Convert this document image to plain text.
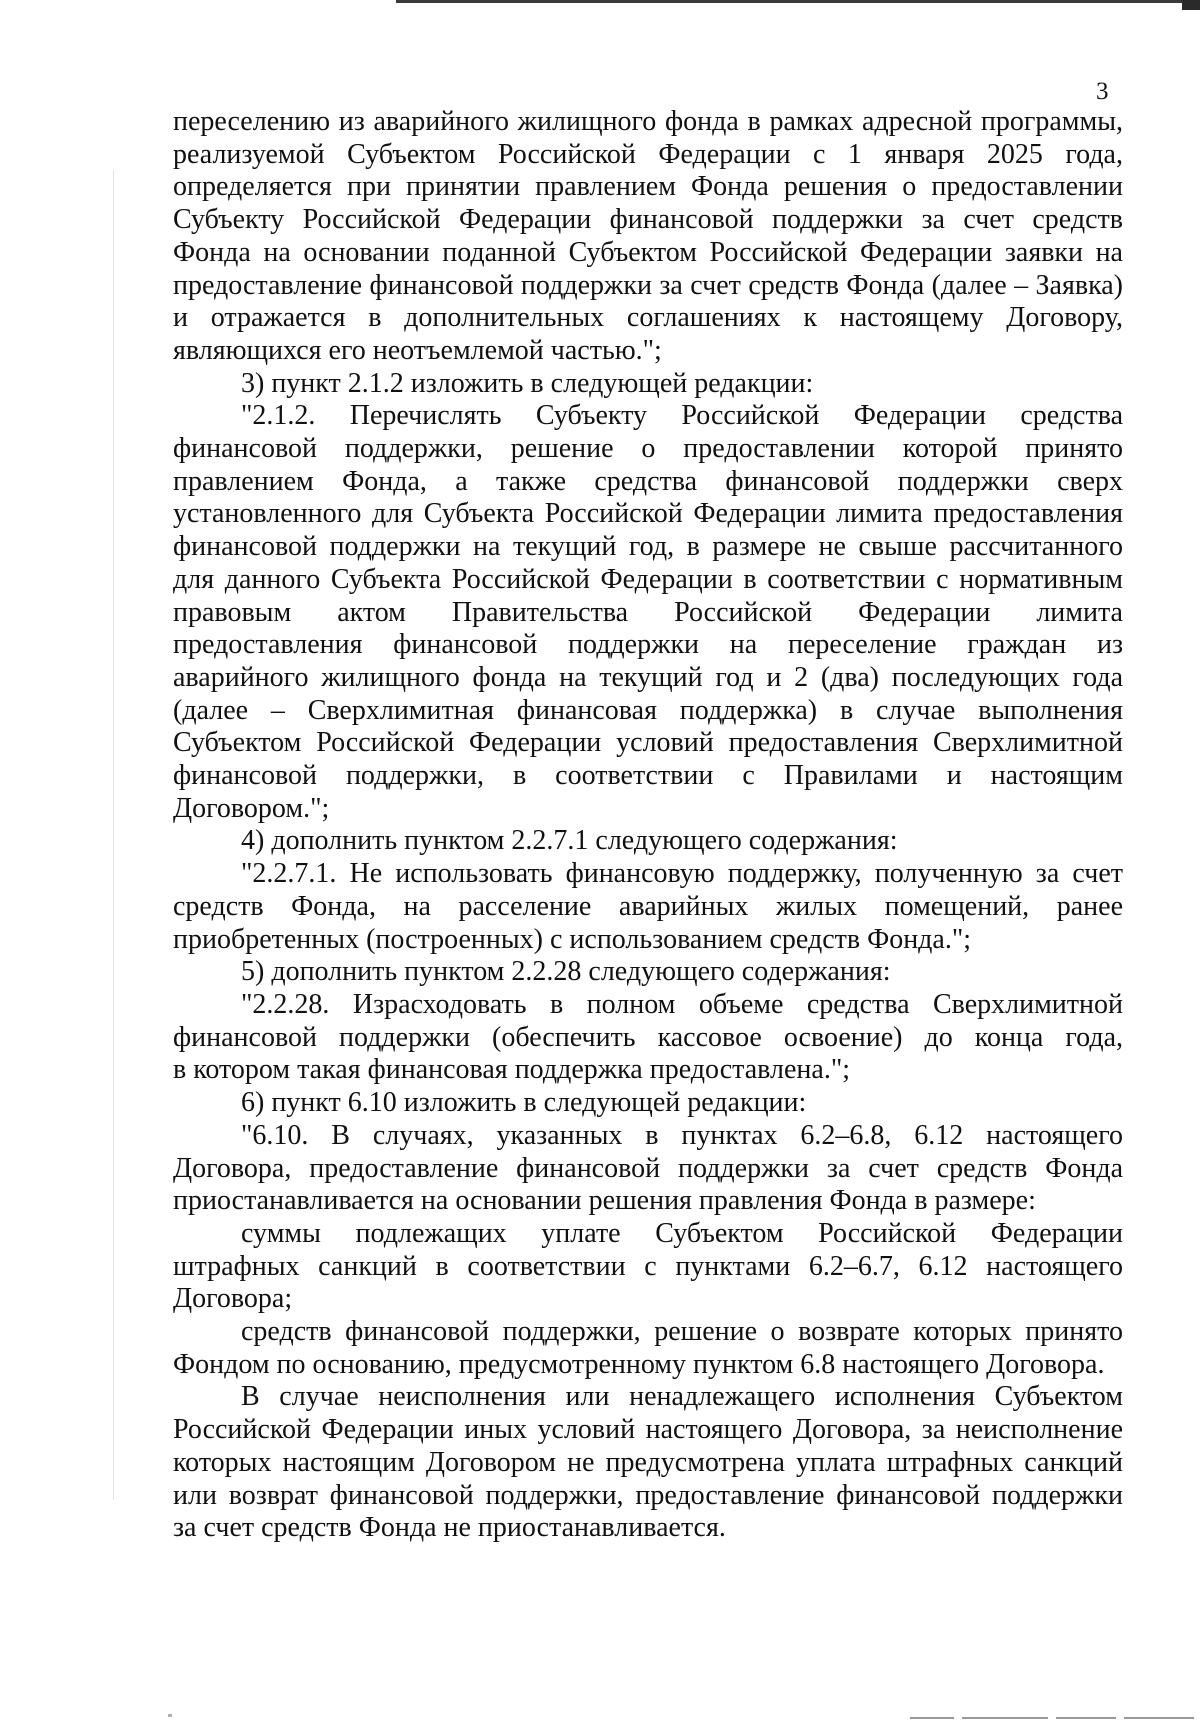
3

переселению из аварийного жилищного фонда в рамках адресной программы,

реализуемой Субъектом Российской Федерации с 1 января 2025 года,

определяется при принятии правлением Фонда решения о предоставлении

Субъекту Российской Федерации финансовой поддержки за счет средств

Фонда на основании поданной Субъектом Российской Федерации заявки на

предоставление финансовой поддержки за счет средств Фонда (далее – Заявка)

и отражается в дополнительных соглашениях к настоящему Договору,

являющихся его неотъемлемой частью.";

3) пункт 2.1.2 изложить в следующей редакции:

"2.1.2. Перечислять Субъекту Российской Федерации средства

финансовой поддержки, решение о предоставлении которой принято

правлением Фонда, а также средства финансовой поддержки сверх

установленного для Субъекта Российской Федерации лимита предоставления

финансовой поддержки на текущий год, в размере не свыше рассчитанного

для данного Субъекта Российской Федерации в соответствии с нормативным

правовым актом Правительства Российской Федерации лимита

предоставления финансовой поддержки на переселение граждан из

аварийного жилищного фонда на текущий год и 2 (два) последующих года

(далее – Сверхлимитная финансовая поддержка) в случае выполнения

Субъектом Российской Федерации условий предоставления Сверхлимитной

финансовой поддержки, в соответствии с Правилами и настоящим

Договором.";

4) дополнить пунктом 2.2.7.1 следующего содержания:

"2.2.7.1. Не использовать финансовую поддержку, полученную за счет

средств Фонда, на расселение аварийных жилых помещений, ранее

приобретенных (построенных) с использованием средств Фонда.";

5) дополнить пунктом 2.2.28 следующего содержания:

"2.2.28. Израсходовать в полном объеме средства Сверхлимитной

финансовой поддержки (обеспечить кассовое освоение) до конца года,

в котором такая финансовая поддержка предоставлена.";

6) пункт 6.10 изложить в следующей редакции:

"6.10. В случаях, указанных в пунктах 6.2–6.8, 6.12 настоящего

Договора, предоставление финансовой поддержки за счет средств Фонда

приостанавливается на основании решения правления Фонда в размере:

суммы подлежащих уплате Субъектом Российской Федерации

штрафных санкций в соответствии с пунктами 6.2–6.7, 6.12 настоящего

Договора;

средств финансовой поддержки, решение о возврате которых принято

Фондом по основанию, предусмотренному пунктом 6.8 настоящего Договора.

В случае неисполнения или ненадлежащего исполнения Субъектом

Российской Федерации иных условий настоящего Договора, за неисполнение

которых настоящим Договором не предусмотрена уплата штрафных санкций

или возврат финансовой поддержки, предоставление финансовой поддержки

за счет средств Фонда не приостанавливается.
